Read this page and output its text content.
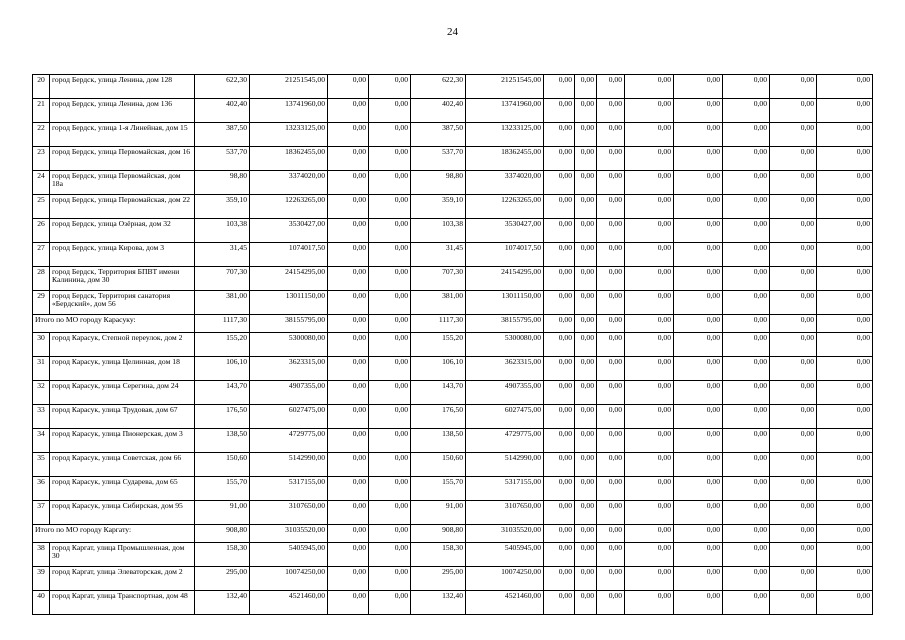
24
20	город Бердск, улица Ленина, дом 128	622,30	21251545,00	0,00	0,00	622,30	21251545,00	0,00	0,00	0,00	0,00	0,00	0,00	0,00	0,00
21	город Бердск, улица Ленина, дом 136	402,40	13741960,00	0,00	0,00	402,40	13741960,00	0,00	0,00	0,00	0,00	0,00	0,00	0,00	0,00
22	город Бердск, улица 1-я Линейная, дом 15	387,50	13233125,00	0,00	0,00	387,50	13233125,00	0,00	0,00	0,00	0,00	0,00	0,00	0,00	0,00
23	город Бердск, улица Первомайская, дом 16	537,70	18362455,00	0,00	0,00	537,70	18362455,00	0,00	0,00	0,00	0,00	0,00	0,00	0,00	0,00
24	город Бердск, улица Первомайская, дом 18а	98,80	3374020,00	0,00	0,00	98,80	3374020,00	0,00	0,00	0,00	0,00	0,00	0,00	0,00	0,00
25	город Бердск, улица Первомайская, дом 22	359,10	12263265,00	0,00	0,00	359,10	12263265,00	0,00	0,00	0,00	0,00	0,00	0,00	0,00	0,00
26	город Бердск, улица Озёрная, дом 32	103,38	3530427,00	0,00	0,00	103,38	3530427,00	0,00	0,00	0,00	0,00	0,00	0,00	0,00	0,00
27	город Бердск, улица Кирова, дом 3	31,45	1074017,50	0,00	0,00	31,45	1074017,50	0,00	0,00	0,00	0,00	0,00	0,00	0,00	0,00
28	город Бердск, Территория БПВТ имени Калинина, дом 30	707,30	24154295,00	0,00	0,00	707,30	24154295,00	0,00	0,00	0,00	0,00	0,00	0,00	0,00	0,00
29	город Бердск, Территория санатория «Бердский», дом 56	381,00	13011150,00	0,00	0,00	381,00	13011150,00	0,00	0,00	0,00	0,00	0,00	0,00	0,00	0,00
Итого по МО городу Карасуку:		1117,30	38155795,00	0,00	0,00	1117,30	38155795,00	0,00	0,00	0,00	0,00	0,00	0,00	0,00	0,00
30	город Карасук, Степной переулок, дом 2	155,20	5300080,00	0,00	0,00	155,20	5300080,00	0,00	0,00	0,00	0,00	0,00	0,00	0,00	0,00
31	город Карасук, улица Целинная, дом 18	106,10	3623315,00	0,00	0,00	106,10	3623315,00	0,00	0,00	0,00	0,00	0,00	0,00	0,00	0,00
32	город Карасук, улица Серегина, дом 24	143,70	4907355,00	0,00	0,00	143,70	4907355,00	0,00	0,00	0,00	0,00	0,00	0,00	0,00	0,00
33	город Карасук, улица Трудовая, дом 67	176,50	6027475,00	0,00	0,00	176,50	6027475,00	0,00	0,00	0,00	0,00	0,00	0,00	0,00	0,00
34	город Карасук, улица Пионерская, дом 3	138,50	4729775,00	0,00	0,00	138,50	4729775,00	0,00	0,00	0,00	0,00	0,00	0,00	0,00	0,00
35	город Карасук, улица Советская, дом 66	150,60	5142990,00	0,00	0,00	150,60	5142990,00	0,00	0,00	0,00	0,00	0,00	0,00	0,00	0,00
36	город Карасук, улица Сударева, дом 65	155,70	5317155,00	0,00	0,00	155,70	5317155,00	0,00	0,00	0,00	0,00	0,00	0,00	0,00	0,00
37	город Карасук, улица Сибирская, дом 95	91,00	3107650,00	0,00	0,00	91,00	3107650,00	0,00	0,00	0,00	0,00	0,00	0,00	0,00	0,00
Итого по МО городу Каргату:		908,80	31035520,00	0,00	0,00	908,80	31035520,00	0,00	0,00	0,00	0,00	0,00	0,00	0,00	0,00
38	город Каргат, улица Промышленная, дом 30	158,30	5405945,00	0,00	0,00	158,30	5405945,00	0,00	0,00	0,00	0,00	0,00	0,00	0,00	0,00
39	город Каргат, улица Элеваторская, дом 2	295,00	10074250,00	0,00	0,00	295,00	10074250,00	0,00	0,00	0,00	0,00	0,00	0,00	0,00	0,00
40	город Каргат, улица Транспортная, дом 48	132,40	4521460,00	0,00	0,00	132,40	4521460,00	0,00	0,00	0,00	0,00	0,00	0,00	0,00	0,00
